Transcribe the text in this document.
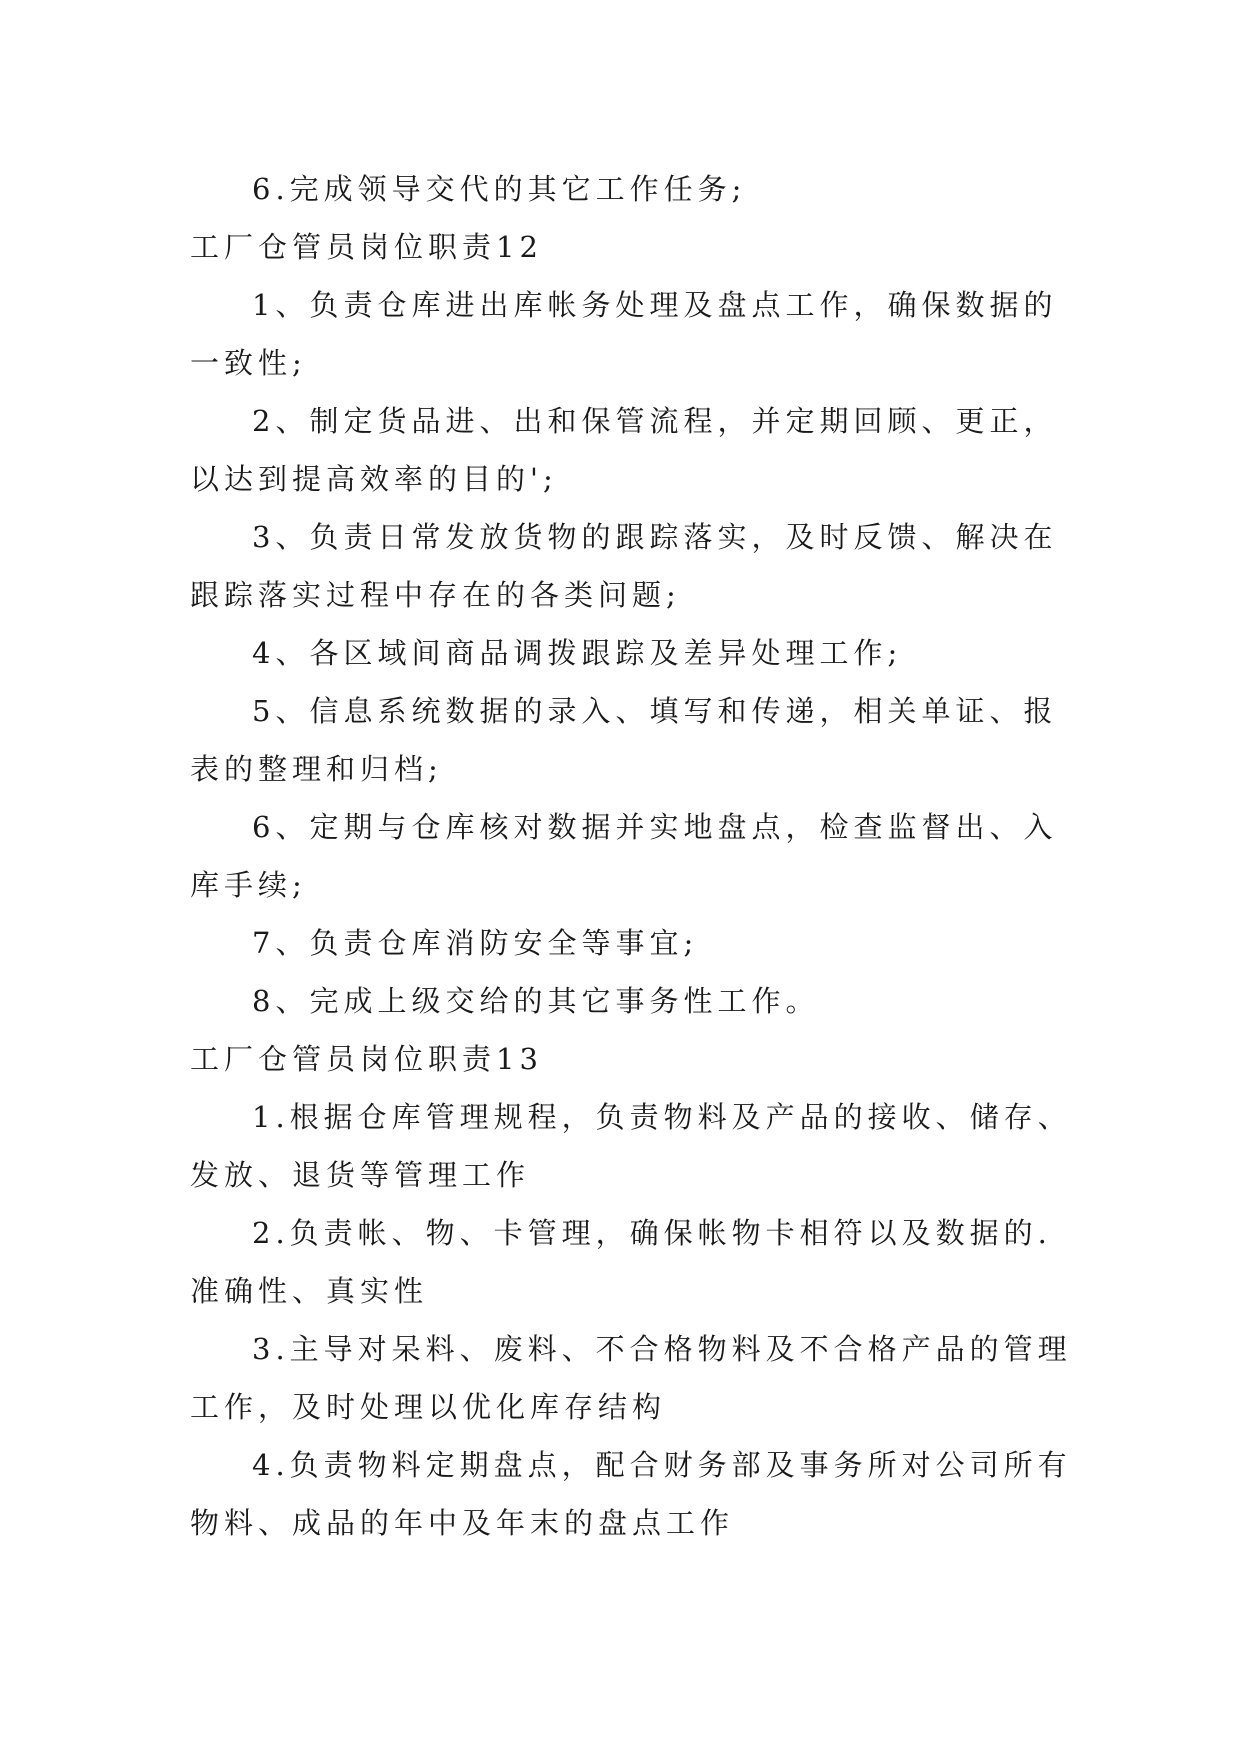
6.完成领导交代的其它工作任务;
工厂仓管员岗位职责12
1、负责仓库进出库帐务处理及盘点工作，确保数据的
一致性;
2、制定货品进、出和保管流程，并定期回顾、更正，
以达到提高效率的目的';
3、负责日常发放货物的跟踪落实，及时反馈、解决在
跟踪落实过程中存在的各类问题;
4、各区域间商品调拨跟踪及差异处理工作;
5、信息系统数据的录入、填写和传递，相关单证、报
表的整理和归档;
6、定期与仓库核对数据并实地盘点，检查监督出、入
库手续;
7、负责仓库消防安全等事宜;
8、完成上级交给的其它事务性工作。
工厂仓管员岗位职责13
1.根据仓库管理规程，负责物料及产品的接收、储存、
发放、退货等管理工作
2.负责帐、物、卡管理，确保帐物卡相符以及数据的.
准确性、真实性
3.主导对呆料、废料、不合格物料及不合格产品的管理
工作，及时处理以优化库存结构
4.负责物料定期盘点，配合财务部及事务所对公司所有
物料、成品的年中及年末的盘点工作
